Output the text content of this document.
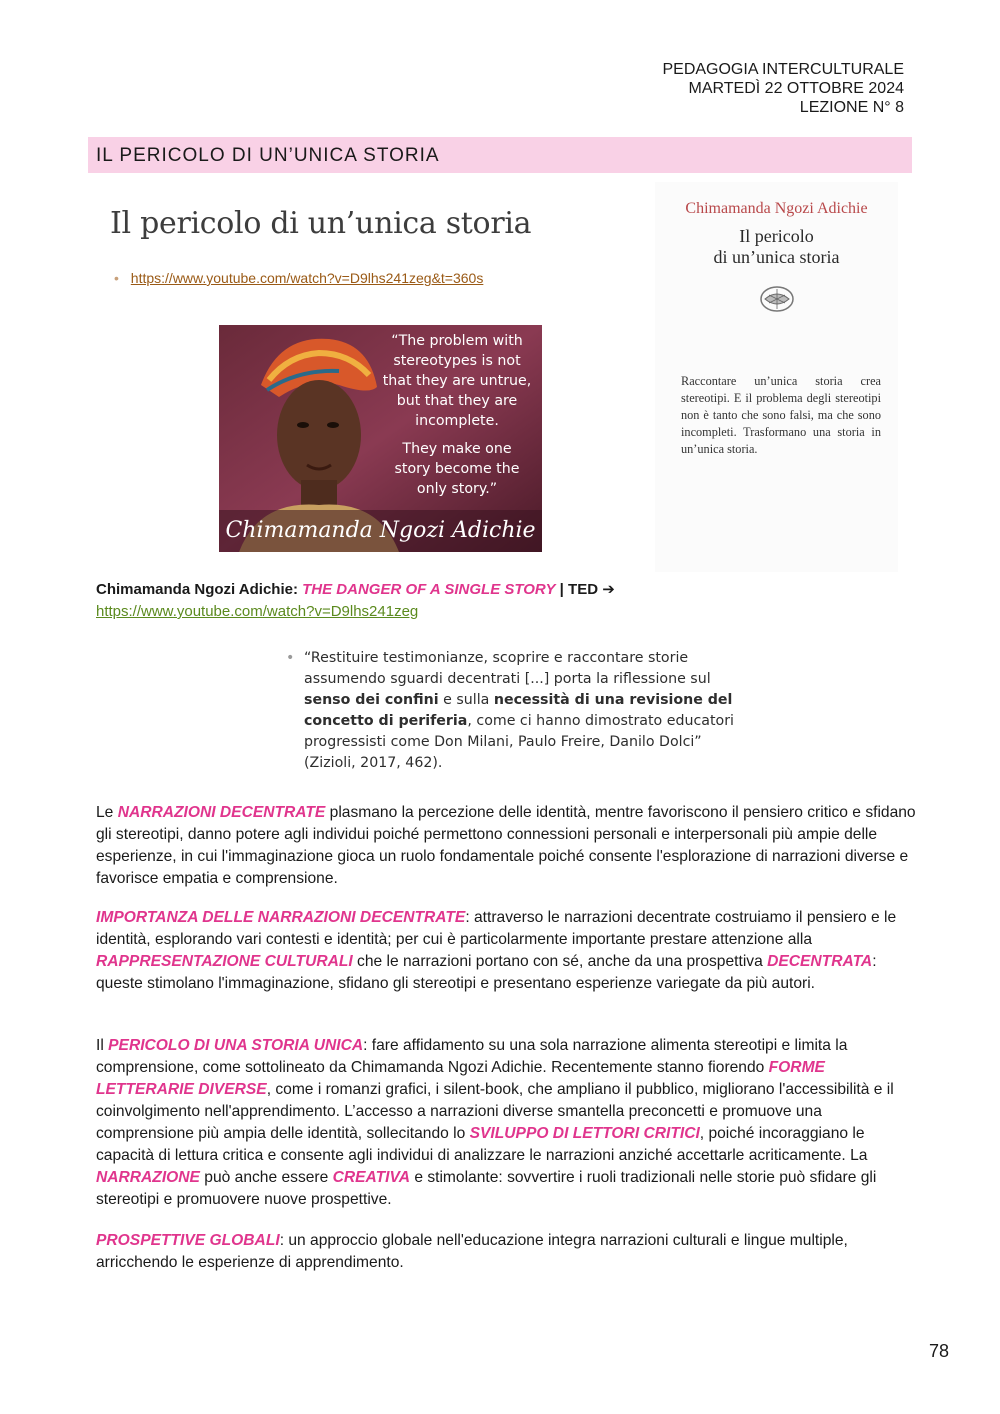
PEDAGOGIA INTERCULTURALE
MARTEDÌ 22 OTTOBRE 2024
LEZIONE N° 8
IL PERICOLO DI UN’UNICA STORIA
Il pericolo di un’unica storia
• https://www.youtube.com/watch?v=D9lhs241zeg&t=360s
“The problem with
stereotypes is not
that they are untrue,
but that they are
incomplete.
They make one
story become the
only story.”
Chimamanda Ngozi Adichie
Chimamanda Ngozi Adichie
Il pericolo
di un’unica storia

Raccontare un’unica storia crea stereotipi. E il problema degli stereotipi non è tanto che sono falsi, ma che sono incompleti. Trasformano una storia in un’unica storia.

Chimamanda Ngozi Adichie: THE DANGER OF A SINGLE STORY | TED ➔
https://www.youtube.com/watch?v=D9lhs241zeg

• “Restituire testimonianze, scoprire e raccontare storie assumendo sguardi decentrati [...] porta la riflessione sul senso dei confini e sulla necessità di una revisione del concetto di periferia, come ci hanno dimostrato educatori progressisti come Don Milani, Paulo Freire, Danilo Dolci” (Zizioli, 2017, 462).

Le NARRAZIONI DECENTRATE plasmano la percezione delle identità, mentre favoriscono il pensiero critico e sfidano gli stereotipi, danno potere agli individui poiché permettono connessioni personali e interpersonali più ampie delle esperienze, in cui l'immaginazione gioca un ruolo fondamentale poiché consente l'esplorazione di narrazioni diverse e favorisce empatia e comprensione.

IMPORTANZA DELLE NARRAZIONI DECENTRATE: attraverso le narrazioni decentrate costruiamo il pensiero e le identità, esplorando vari contesti e identità; per cui è particolarmente importante prestare attenzione alla RAPPRESENTAZIONE CULTURALI che le narrazioni portano con sé, anche da una prospettiva DECENTRATA: queste stimolano l'immaginazione, sfidano gli stereotipi e presentano esperienze variegate da più autori.

Il PERICOLO DI UNA STORIA UNICA: fare affidamento su una sola narrazione alimenta stereotipi e limita la comprensione, come sottolineato da Chimamanda Ngozi Adichie. Recentemente stanno fiorendo FORME LETTERARIE DIVERSE, come i romanzi grafici, i silent-book, che ampliano il pubblico, migliorano l'accessibilità e il coinvolgimento nell'apprendimento. L’accesso a narrazioni diverse smantella preconcetti e promuove una comprensione più ampia delle identità, sollecitando lo SVILUPPO DI LETTORI CRITICI, poiché incoraggiano le capacità di lettura critica e consente agli individui di analizzare le narrazioni anziché accettarle acriticamente. La NARRAZIONE può anche essere CREATIVA e stimolante: sovvertire i ruoli tradizionali nelle storie può sfidare gli stereotipi e promuovere nuove prospettive.

PROSPETTIVE GLOBALI: un approccio globale nell'educazione integra narrazioni culturali e lingue multiple, arricchendo le esperienze di apprendimento.

78
